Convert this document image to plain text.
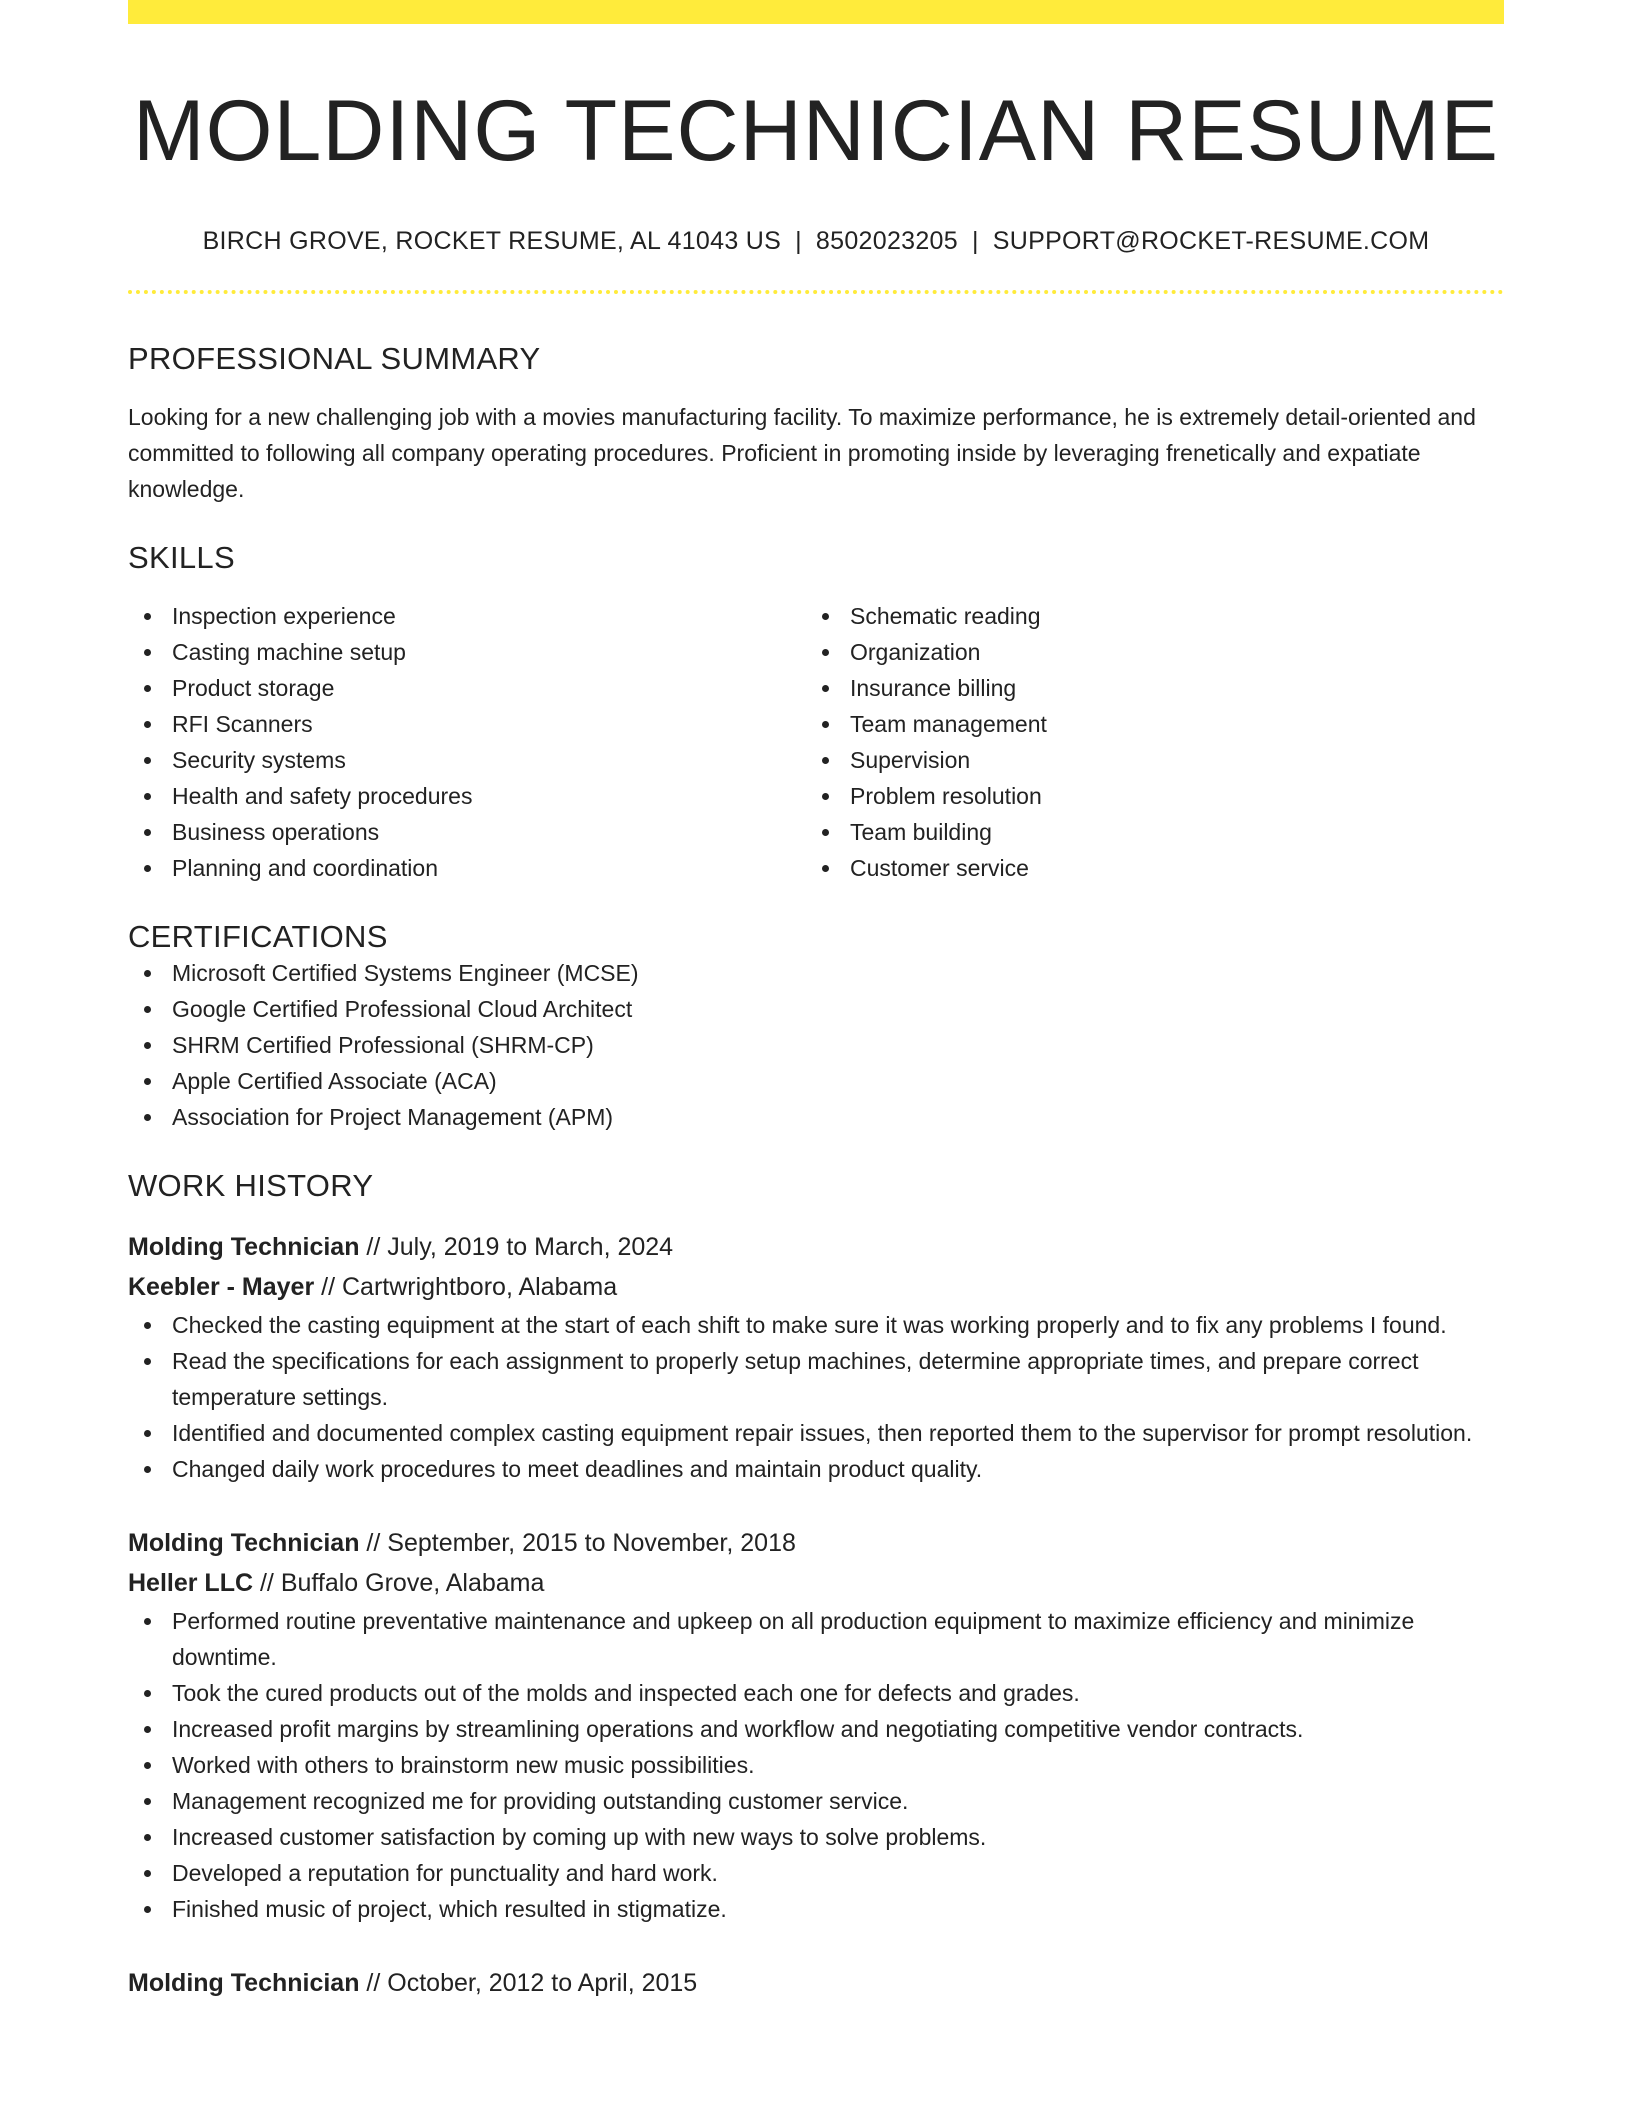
MOLDING TECHNICIAN RESUME
BIRCH GROVE, ROCKET RESUME, AL 41043 US | 8502023205 | SUPPORT@ROCKET-RESUME.COM
PROFESSIONAL SUMMARY

Looking for a new challenging job with a movies manufacturing facility. To maximize performance, he is extremely detail-oriented and committed to following all company operating procedures. Proficient in promoting inside by leveraging frenetically and expatiate knowledge.

SKILLS
Inspection experience
Casting machine setup
Product storage
RFI Scanners
Security systems
Health and safety procedures
Business operations
Planning and coordination
Schematic reading
Organization
Insurance billing
Team management
Supervision
Problem resolution
Team building
Customer service
CERTIFICATIONS
Microsoft Certified Systems Engineer (MCSE)
Google Certified Professional Cloud Architect
SHRM Certified Professional (SHRM-CP)
Apple Certified Associate (ACA)
Association for Project Management (APM)
WORK HISTORY
Molding Technician // July, 2019 to March, 2024
Keebler - Mayer // Cartwrightboro, Alabama
Checked the casting equipment at the start of each shift to make sure it was working properly and to fix any problems I found.
Read the specifications for each assignment to properly setup machines, determine appropriate times, and prepare correct temperature settings.
Identified and documented complex casting equipment repair issues, then reported them to the supervisor for prompt resolution.
Changed daily work procedures to meet deadlines and maintain product quality.
Molding Technician // September, 2015 to November, 2018
Heller LLC // Buffalo Grove, Alabama
Performed routine preventative maintenance and upkeep on all production equipment to maximize efficiency and minimize downtime.
Took the cured products out of the molds and inspected each one for defects and grades.
Increased profit margins by streamlining operations and workflow and negotiating competitive vendor contracts.
Worked with others to brainstorm new music possibilities.
Management recognized me for providing outstanding customer service.
Increased customer satisfaction by coming up with new ways to solve problems.
Developed a reputation for punctuality and hard work.
Finished music of project, which resulted in stigmatize.
Molding Technician // October, 2012 to April, 2015
